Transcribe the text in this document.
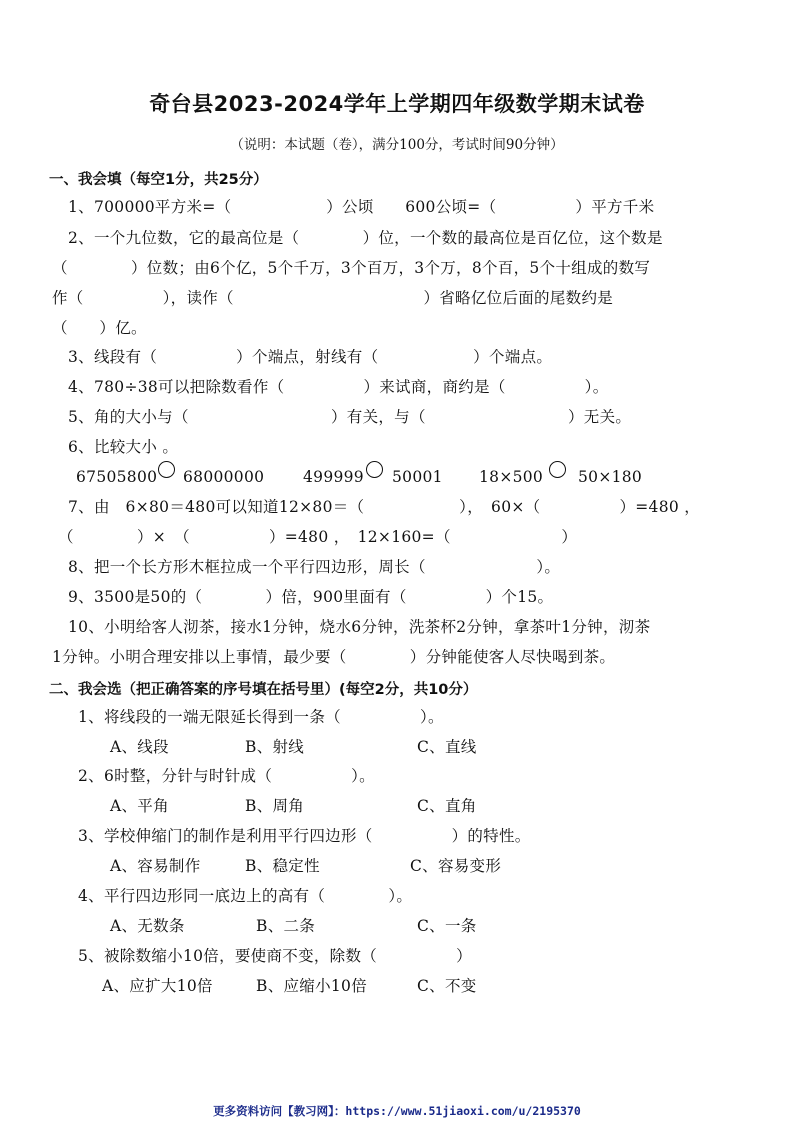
奇台县2023-2024学年上学期四年级数学期末试卷
（说明：本试题（卷），满分100分，考试时间90分钟）
一、我会填（每空1分，共25分）
1、700000平方米=（　　　　　　）公顷　　600公顷=（　　　　　）平方千米
2、一个九位数，它的最高位是（　　　　）位，一个数的最高位是百亿位，这个数是
（　　　　）位数；由6个亿，5个千万，3个百万，3个万，8个百，5个十组成的数写
作（　　　　　），读作（　　　　　　　　　　　　）省略亿位后面的尾数约是
（　　）亿。
3、线段有（　　　　　）个端点，射线有（　　　　　　）个端点。
4、780÷38可以把除数看作（　　　　　）来试商，商约是（　　　　　）。
5、角的大小与（　　　　　　　　　）有关，与（　　　　　　　　　）无关。
6、比较大小 。
67505800 68000000 499999 50001 18×500 50×180
7、由　6×80＝480可以知道12×80＝（　　　　　　），　60×（　　　　　）=480 ，
（　　　　）×　（　　　　　）=480 ，　12×160=（　　　　　　　）
8、把一个长方形木框拉成一个平行四边形，周长（　　　　　　　）。
9、3500是50的（　　　　）倍，900里面有（　　　　　）个15。
10、小明给客人沏茶，接水1分钟，烧水6分钟，洗茶杯2分钟，拿茶叶1分钟，沏茶
1分钟。小明合理安排以上事情，最少要（　　　　）分钟能使客人尽快喝到茶。
二、我会选（把正确答案的序号填在括号里）(每空2分，共10分）
1、将线段的一端无限延长得到一条（　　　　　）。
A、线段	B、射线	C、直线
2、6时整，分针与时针成（　　　　　）。
A、平角	B、周角	C、直角
3、学校伸缩门的制作是利用平行四边形（　　　　　）的特性。
A、容易制作	B、稳定性	C、容易变形
4、平行四边形同一底边上的高有（　　　　）。
A、无数条	B、二条	C、一条
5、被除数缩小10倍，要使商不变，除数（　　　　　）
A、应扩大10倍	B、应缩小10倍	C、不变
更多资料访问【教习网】：https://www.51jiaoxi.com/u/2195370
